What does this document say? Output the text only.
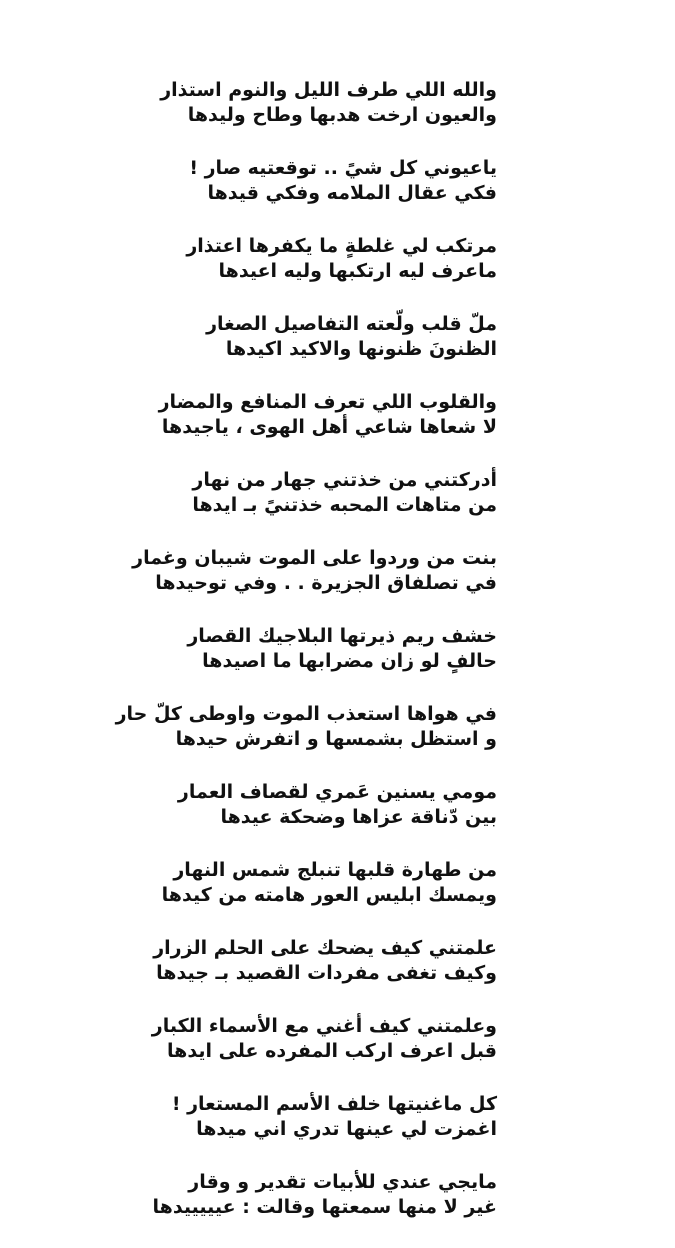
والله اللي طرف الليل والنوم استذار
والعيون ارخت هدبها وطاح وليدها
ياعيوني كل شيً .. توقعتيه صار !
فكي عقال الملامه وفكي قيدها
مرتكب لي غلطةٍ ما يكفرها اعتذار
ماعرف ليه ارتكبها وليه اعيدها
ملّ قلب ولّعته التفاصيل الصغار
الظنونَ ظنونها والاكيد اكيدها
والقلوب اللي تعرف المنافع والمضار
لا شعاها شاعي أهل الهوى ، ياجيدها
أدركتني من خذتني جهار من نهار
من متاهات المحبه خذتنيً بـ ايدها
بنت من وردوا على الموت شيبان وغمار
في تصلفاق الجزيرة . . وفي توحيدها
خشف ريم ذيرتها البلاجيك القصار
حالفٍ لو زان مضرابها ما اصيدها
في هواها استعذب الموت واوطى كلّ حار
و استظل بشمسها و اتفرش حيدها
مومي يسنين عَمري لقصاف العمار
بين دّناقة عزاها وضحكة عيدها
من طهارة قلبها تنبلج شمس النهار
ويمسك ابليس العور هامته من كيدها
علمتني كيف يضحك على الحلم الزرار
وكيف تغفى مفردات القصيد بـ جيدها
وعلمتني كيف أغني مع الأسماء الكبار
قبل اعرف اركب المفرده على ايدها
كل ماغنيتها خلف الأسم المستعار !
اغمزت لي عينها تدري اني ميدها
مايجي عندي للأبيات تقدير و وقار
غير لا منها سمعتها وقالت : عيييييدها
